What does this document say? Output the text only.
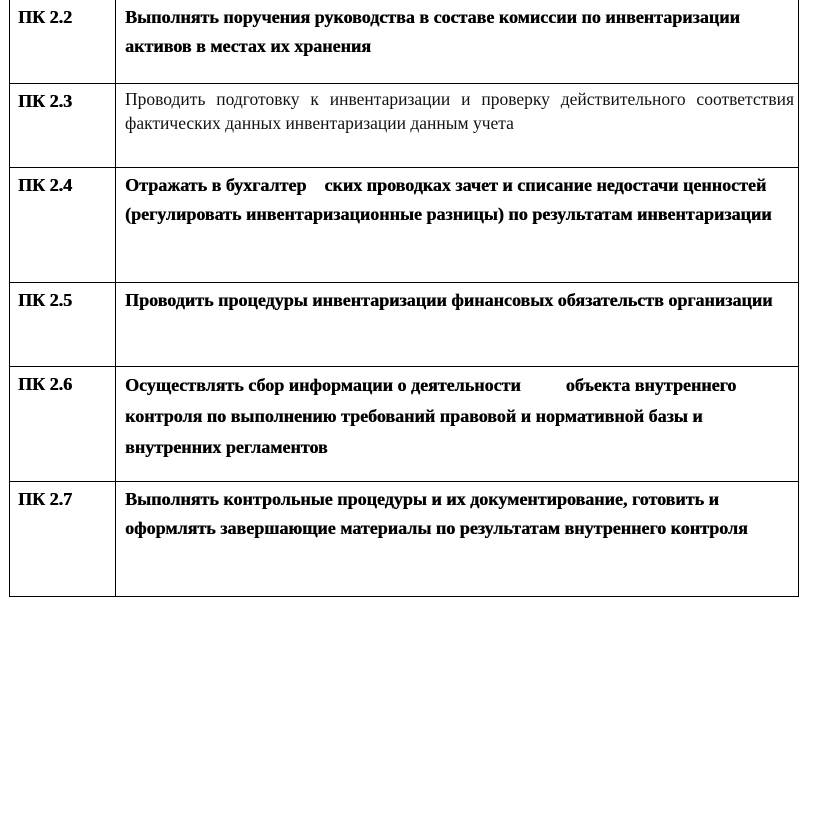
ПК 2.2	Выполнять поручения руководства в составе комиссии по инвентаризации активов в местах их хранения

ПК 2.3	Проводить подготовку к инвентаризации и проверку действительного соответствия фактических данных инвентаризации данным учета

ПК 2.4	Отражать в бухгалтер    ских проводках зачет и списание недостачи ценностей (регулировать инвентаризационные разницы) по результатам инвентаризации

ПК 2.5	Проводить процедуры инвентаризации финансовых обязательств организации

ПК 2.6	Осуществлять сбор информации о деятельности          объекта внутреннего контроля по выполнению требований правовой и нормативной базы и внутренних регламентов

ПК 2.7	Выполнять контрольные процедуры и их документирование, готовить и оформлять завершающие материалы по результатам внутреннего контроля
